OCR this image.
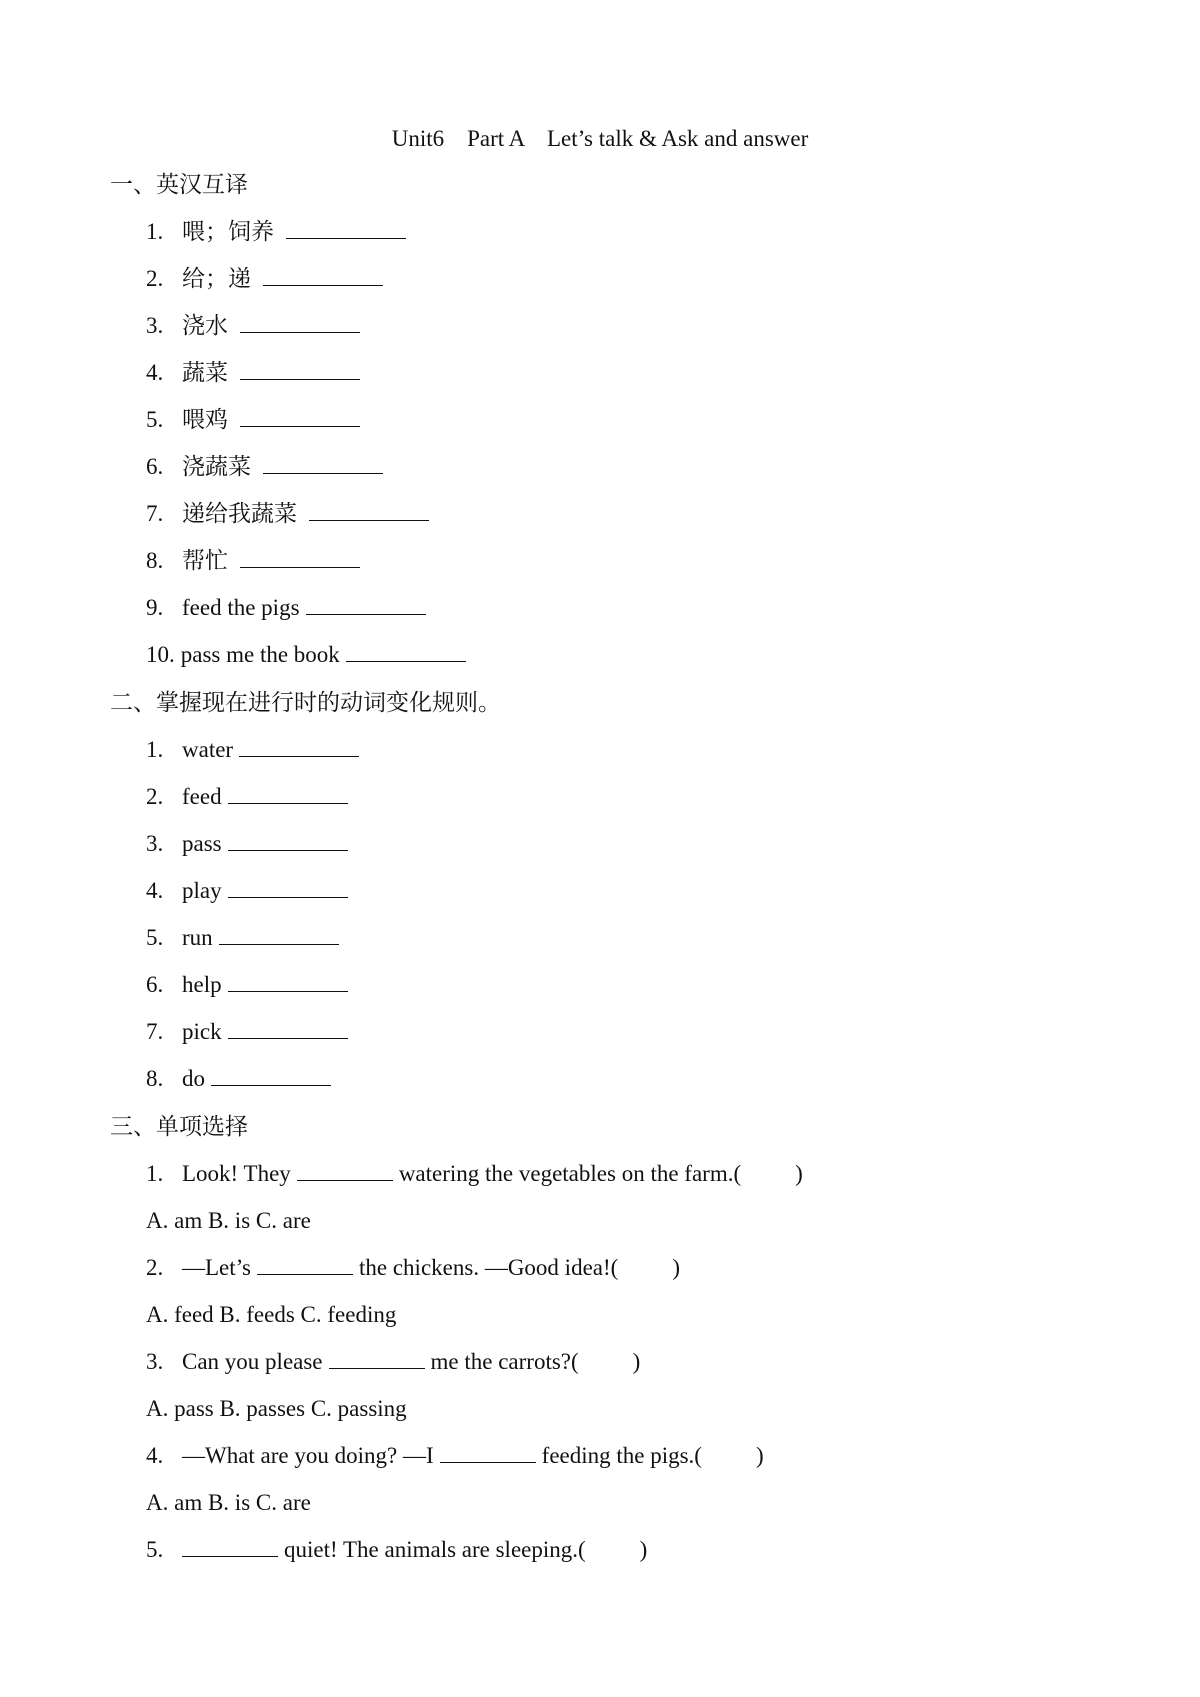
Unit6    Part A    Let’s talk & Ask and answer
一、英汉互译
1. 喂；饲养
2. 给；递
3. 浇水
4. 蔬菜
5. 喂鸡
6. 浇蔬菜
7. 递给我蔬菜
8. 帮忙
9. feed the pigs
10. pass me the book
二、掌握现在进行时的动词变化规则。
1. water
2. feed
3. pass
4. play
5. run
6. help
7. pick
8. do
三、单项选择
1. Look! They	watering the vegetables on the farm.( )
A. am B. is C. are
2. —Let’s	the chickens. —Good idea!( )
A. feed B. feeds C. feeding
3. Can you please	me the carrots?( )
A. pass B. passes C. passing
4. —What are you doing? —I	feeding the pigs.( )
A. am B. is C. are
5.	quiet! The animals are sleeping.( )
